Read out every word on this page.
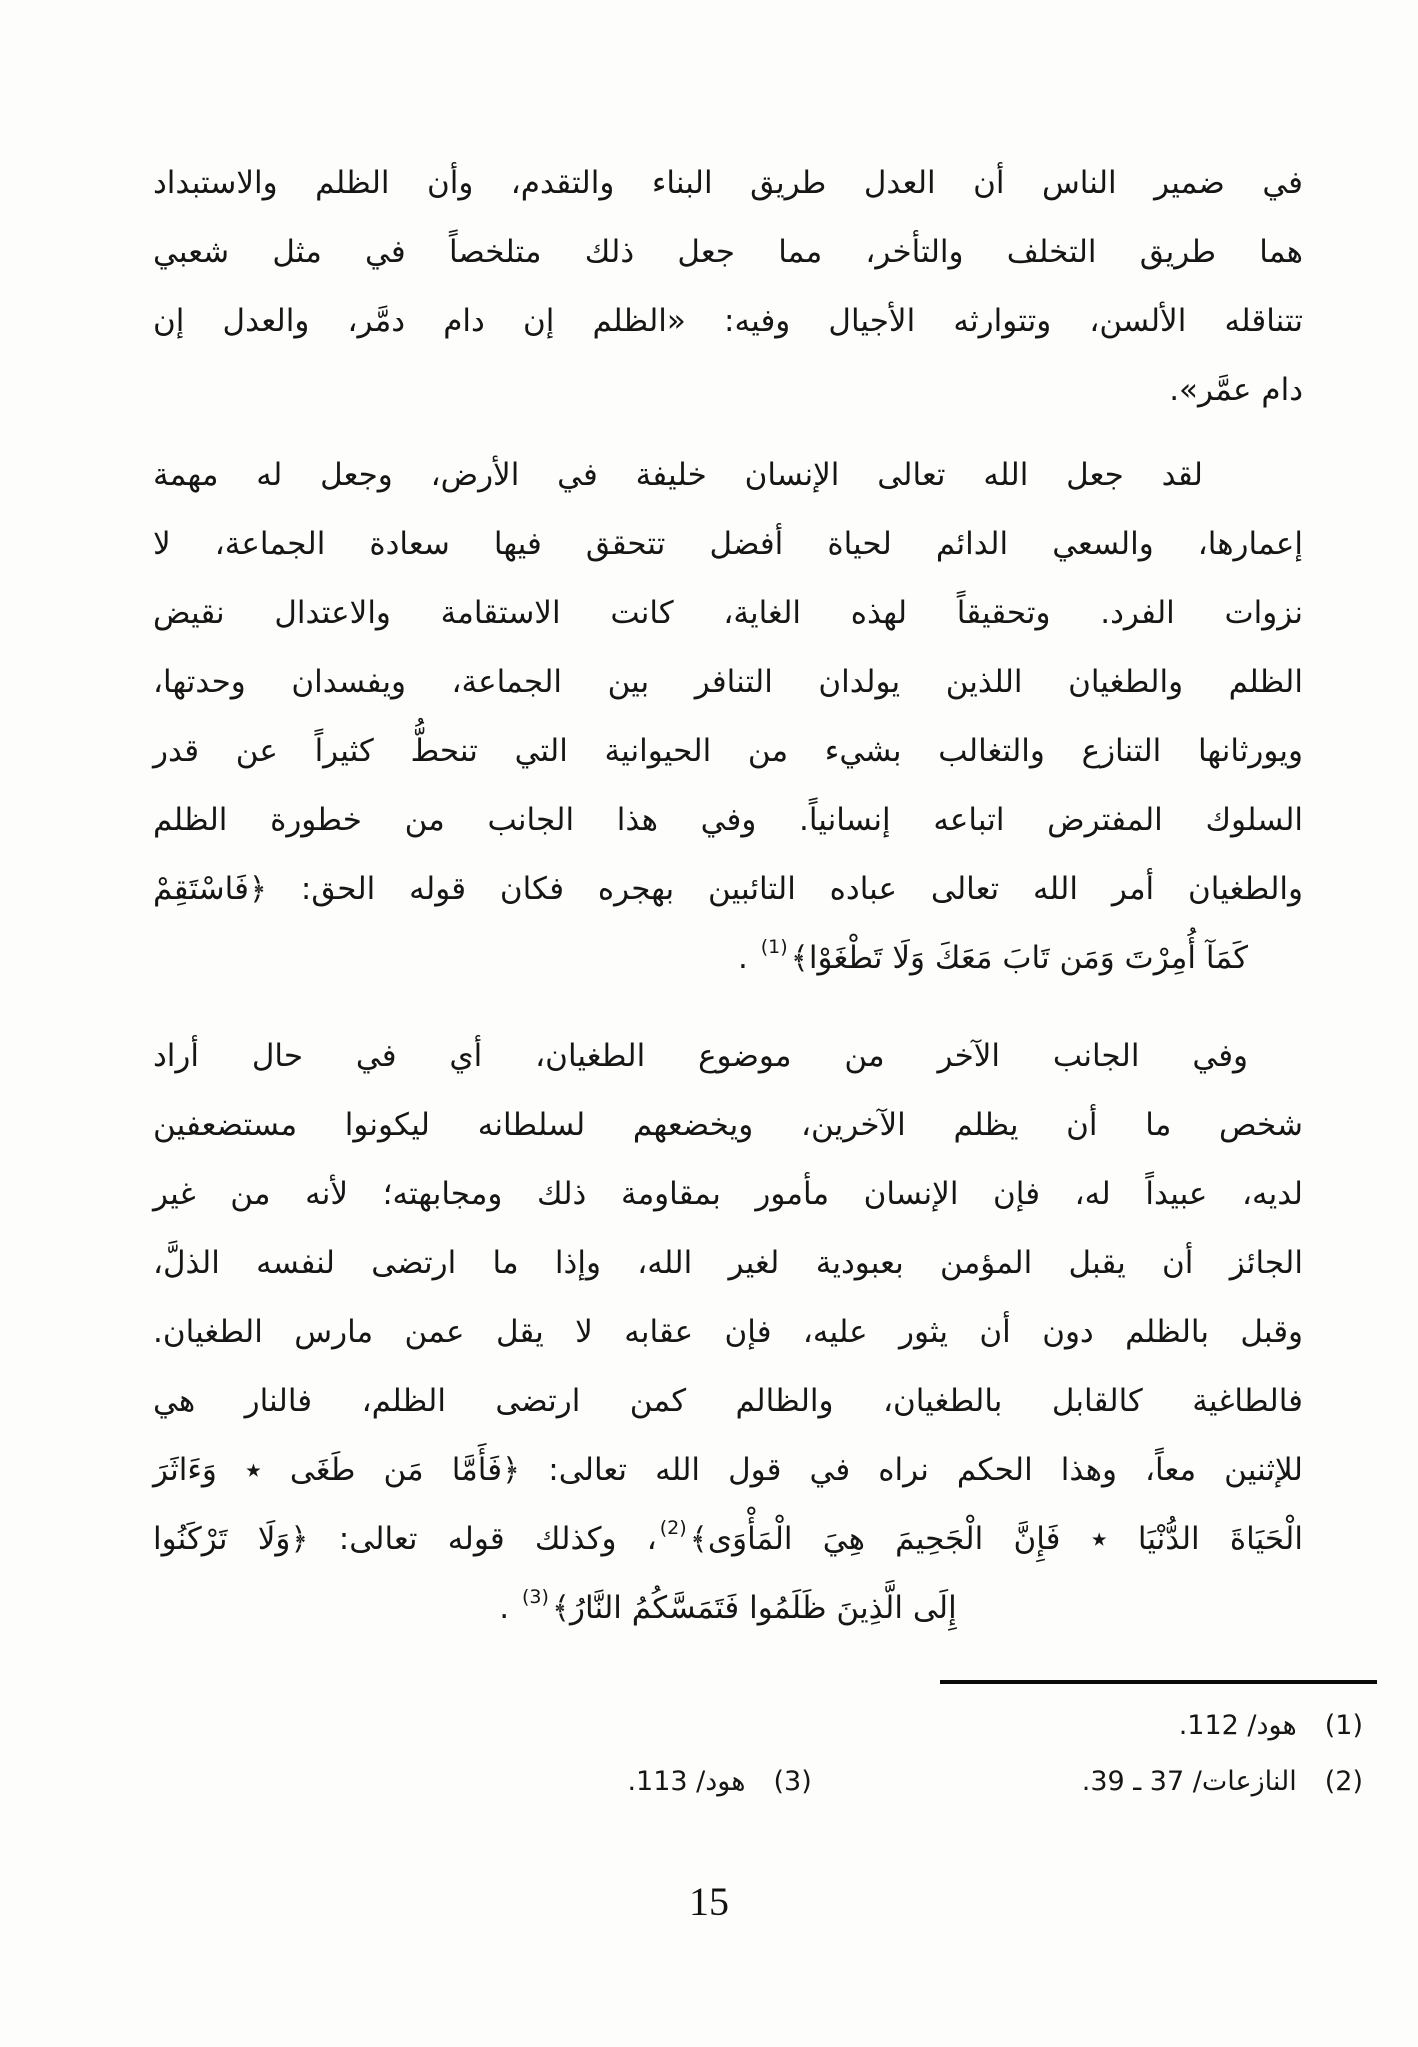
في ضمير الناس أن العدل طريق البناء والتقدم، وأن الظلم والاستبداد
هما طريق التخلف والتأخر، مما جعل ذلك متلخصاً في مثل شعبي
تتناقله الألسن، وتتوارثه الأجيال وفيه: «الظلم إن دام دمَّر، والعدل إن
دام عمَّر».
لقد جعل الله تعالى الإنسان خليفة في الأرض، وجعل له مهمة
إعمارها، والسعي الدائم لحياة أفضل تتحقق فيها سعادة الجماعة، لا
نزوات الفرد. وتحقيقاً لهذه الغاية، كانت الاستقامة والاعتدال نقيض
الظلم والطغيان اللذين يولدان التنافر بين الجماعة، ويفسدان وحدتها،
ويورثانها التنازع والتغالب بشيء من الحيوانية التي تنحطُّ كثيراً عن قدر
السلوك المفترض اتباعه إنسانياً. وفي هذا الجانب من خطورة الظلم
والطغيان أمر الله تعالى عباده التائبين بهجره فكان قوله الحق: ﴿فَاسْتَقِمْ
كَمَآ أُمِرْتَ وَمَن تَابَ مَعَكَ وَلَا تَطْغَوْا﴾$^{(1)}$ .
وفي الجانب الآخر من موضوع الطغيان، أي في حال أراد
شخص ما أن يظلم الآخرين، ويخضعهم لسلطانه ليكونوا مستضعفين
لديه، عبيداً له، فإن الإنسان مأمور بمقاومة ذلك ومجابهته؛ لأنه من غير
الجائز أن يقبل المؤمن بعبودية لغير الله، وإذا ما ارتضى لنفسه الذلَّ،
وقبل بالظلم دون أن يثور عليه، فإن عقابه لا يقل عمن مارس الطغيان.
فالطاغية كالقابل بالطغيان، والظالم كمن ارتضى الظلم، فالنار هي
للإثنين معاً، وهذا الحكم نراه في قول الله تعالى: ﴿فَأَمَّا مَن طَغَى ٭ وَءَاثَرَ
الْحَيَاةَ الدُّنْيَا ٭ فَإِنَّ الْجَحِيمَ هِيَ الْمَأْوَى﴾$^{(2)}$، وكذلك قوله تعالى: ﴿وَلَا تَرْكَنُوا
إِلَى الَّذِينَ ظَلَمُوا فَتَمَسَّكُمُ النَّارُ﴾$^{(3)}$ .
(1)
هود/ 112.
(2)
النازعات/ 37 ـ 39.
(3)
هود/ 113.
15
